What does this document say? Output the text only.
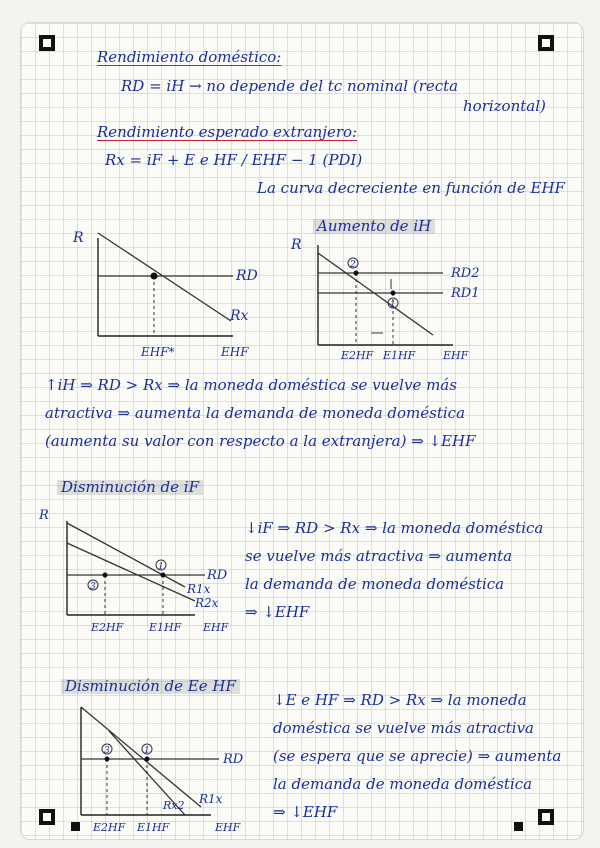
Rendimiento doméstico:
RD = iH → no depende del tc nominal (recta
horizontal)
Rendimiento esperado extranjero:
Rx = iF + E e HF / EHF − 1 (PDI)
La curva decreciente en función de EHF
R
RD
Rx
EHF*	EHF
Aumento de iH
2
1
R
RD2
RD1
E2HF E1HF	EHF
↑iH ⇒ RD > Rx ⇒ la moneda doméstica se vuelve más
atractiva ⇒ aumenta la demanda de moneda doméstica
(aumenta su valor con respecto a la extranjera) ⇒ ↓EHF
Disminución de iF
1
3
R
RD
R1x
R2x
E2HF E1HF EHF
↓iF ⇒ RD > Rx ⇒ la moneda doméstica
se vuelve más atractiva ⇒ aumenta
la demanda de moneda doméstica
⇒ ↓EHF
Disminución de Ee HF
1
3
RD
R1x
Rx2
E2HF E1HF	EHF
↓E e HF ⇒ RD > Rx ⇒ la moneda
doméstica se vuelve más atractiva
(se espera que se aprecie) ⇒ aumenta
la demanda de moneda doméstica
⇒ ↓EHF
